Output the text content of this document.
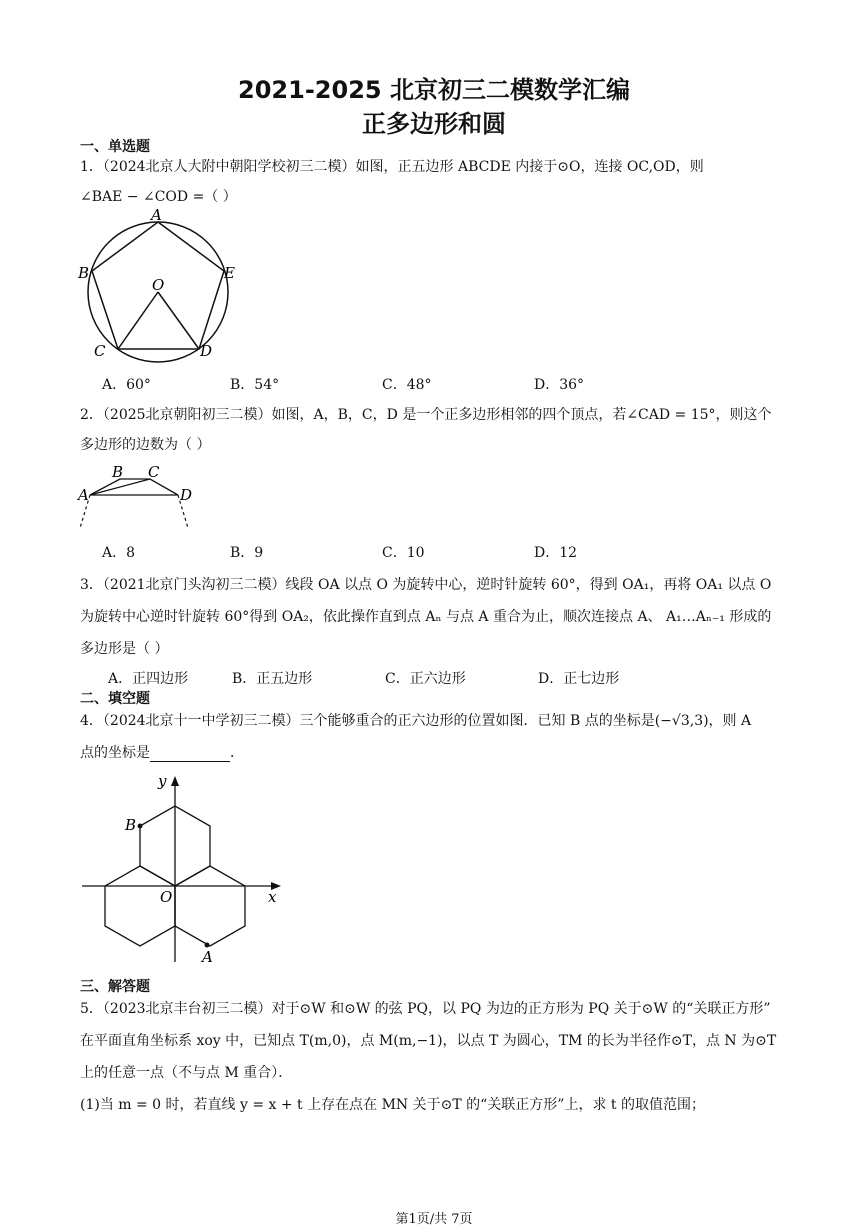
2021-2025 北京初三二模数学汇编
正多边形和圆
一、单选题
1．（2024北京人大附中朝阳学校初三二模）如图，正五边形 ABCDE 内接于⊙O，连接 OC,OD，则
∠BAE − ∠COD =（ ）
A
B	E
O
C	D
A．60°	B．54°	C．48°	D．36°
2．（2025北京朝阳初三二模）如图，A，B，C，D 是一个正多边形相邻的四个顶点，若∠CAD = 15°，则这个
多边形的边数为（ ）
A
B C
D
A．8	B．9	C．10	D．12
3．（2021北京门头沟初三二模）线段 OA 以点 O 为旋转中心，逆时针旋转 60°，得到 OA₁，再将 OA₁ 以点 O
为旋转中心逆时针旋转 60°得到 OA₂，依此操作直到点 Aₙ 与点 A 重合为止，顺次连接点 A、 A₁…Aₙ₋₁ 形成的
多边形是（ ）
A．正四边形	B．正五边形	C．正六边形	D．正七边形
二、填空题
4．（2024北京十一中学初三二模）三个能够重合的正六边形的位置如图．已知 B 点的坐标是(−√3,3)，则 A
点的坐标是	．
y
B
O	x
A
三、解答题
5．（2023北京丰台初三二模）对于⊙W 和⊙W 的弦 PQ，以 PQ 为边的正方形为 PQ 关于⊙W 的“关联正方形”
在平面直角坐标系 xoy 中，已知点 T(m,0)，点 M(m,−1)，以点 T 为圆心，TM 的长为半径作⊙T，点 N 为⊙T
上的任意一点（不与点 M 重合）．
(1)当 m = 0 时，若直线 y = x + t 上存在点在 MN 关于⊙T 的“关联正方形”上，求 t 的取值范围；
第1页/共 7页
